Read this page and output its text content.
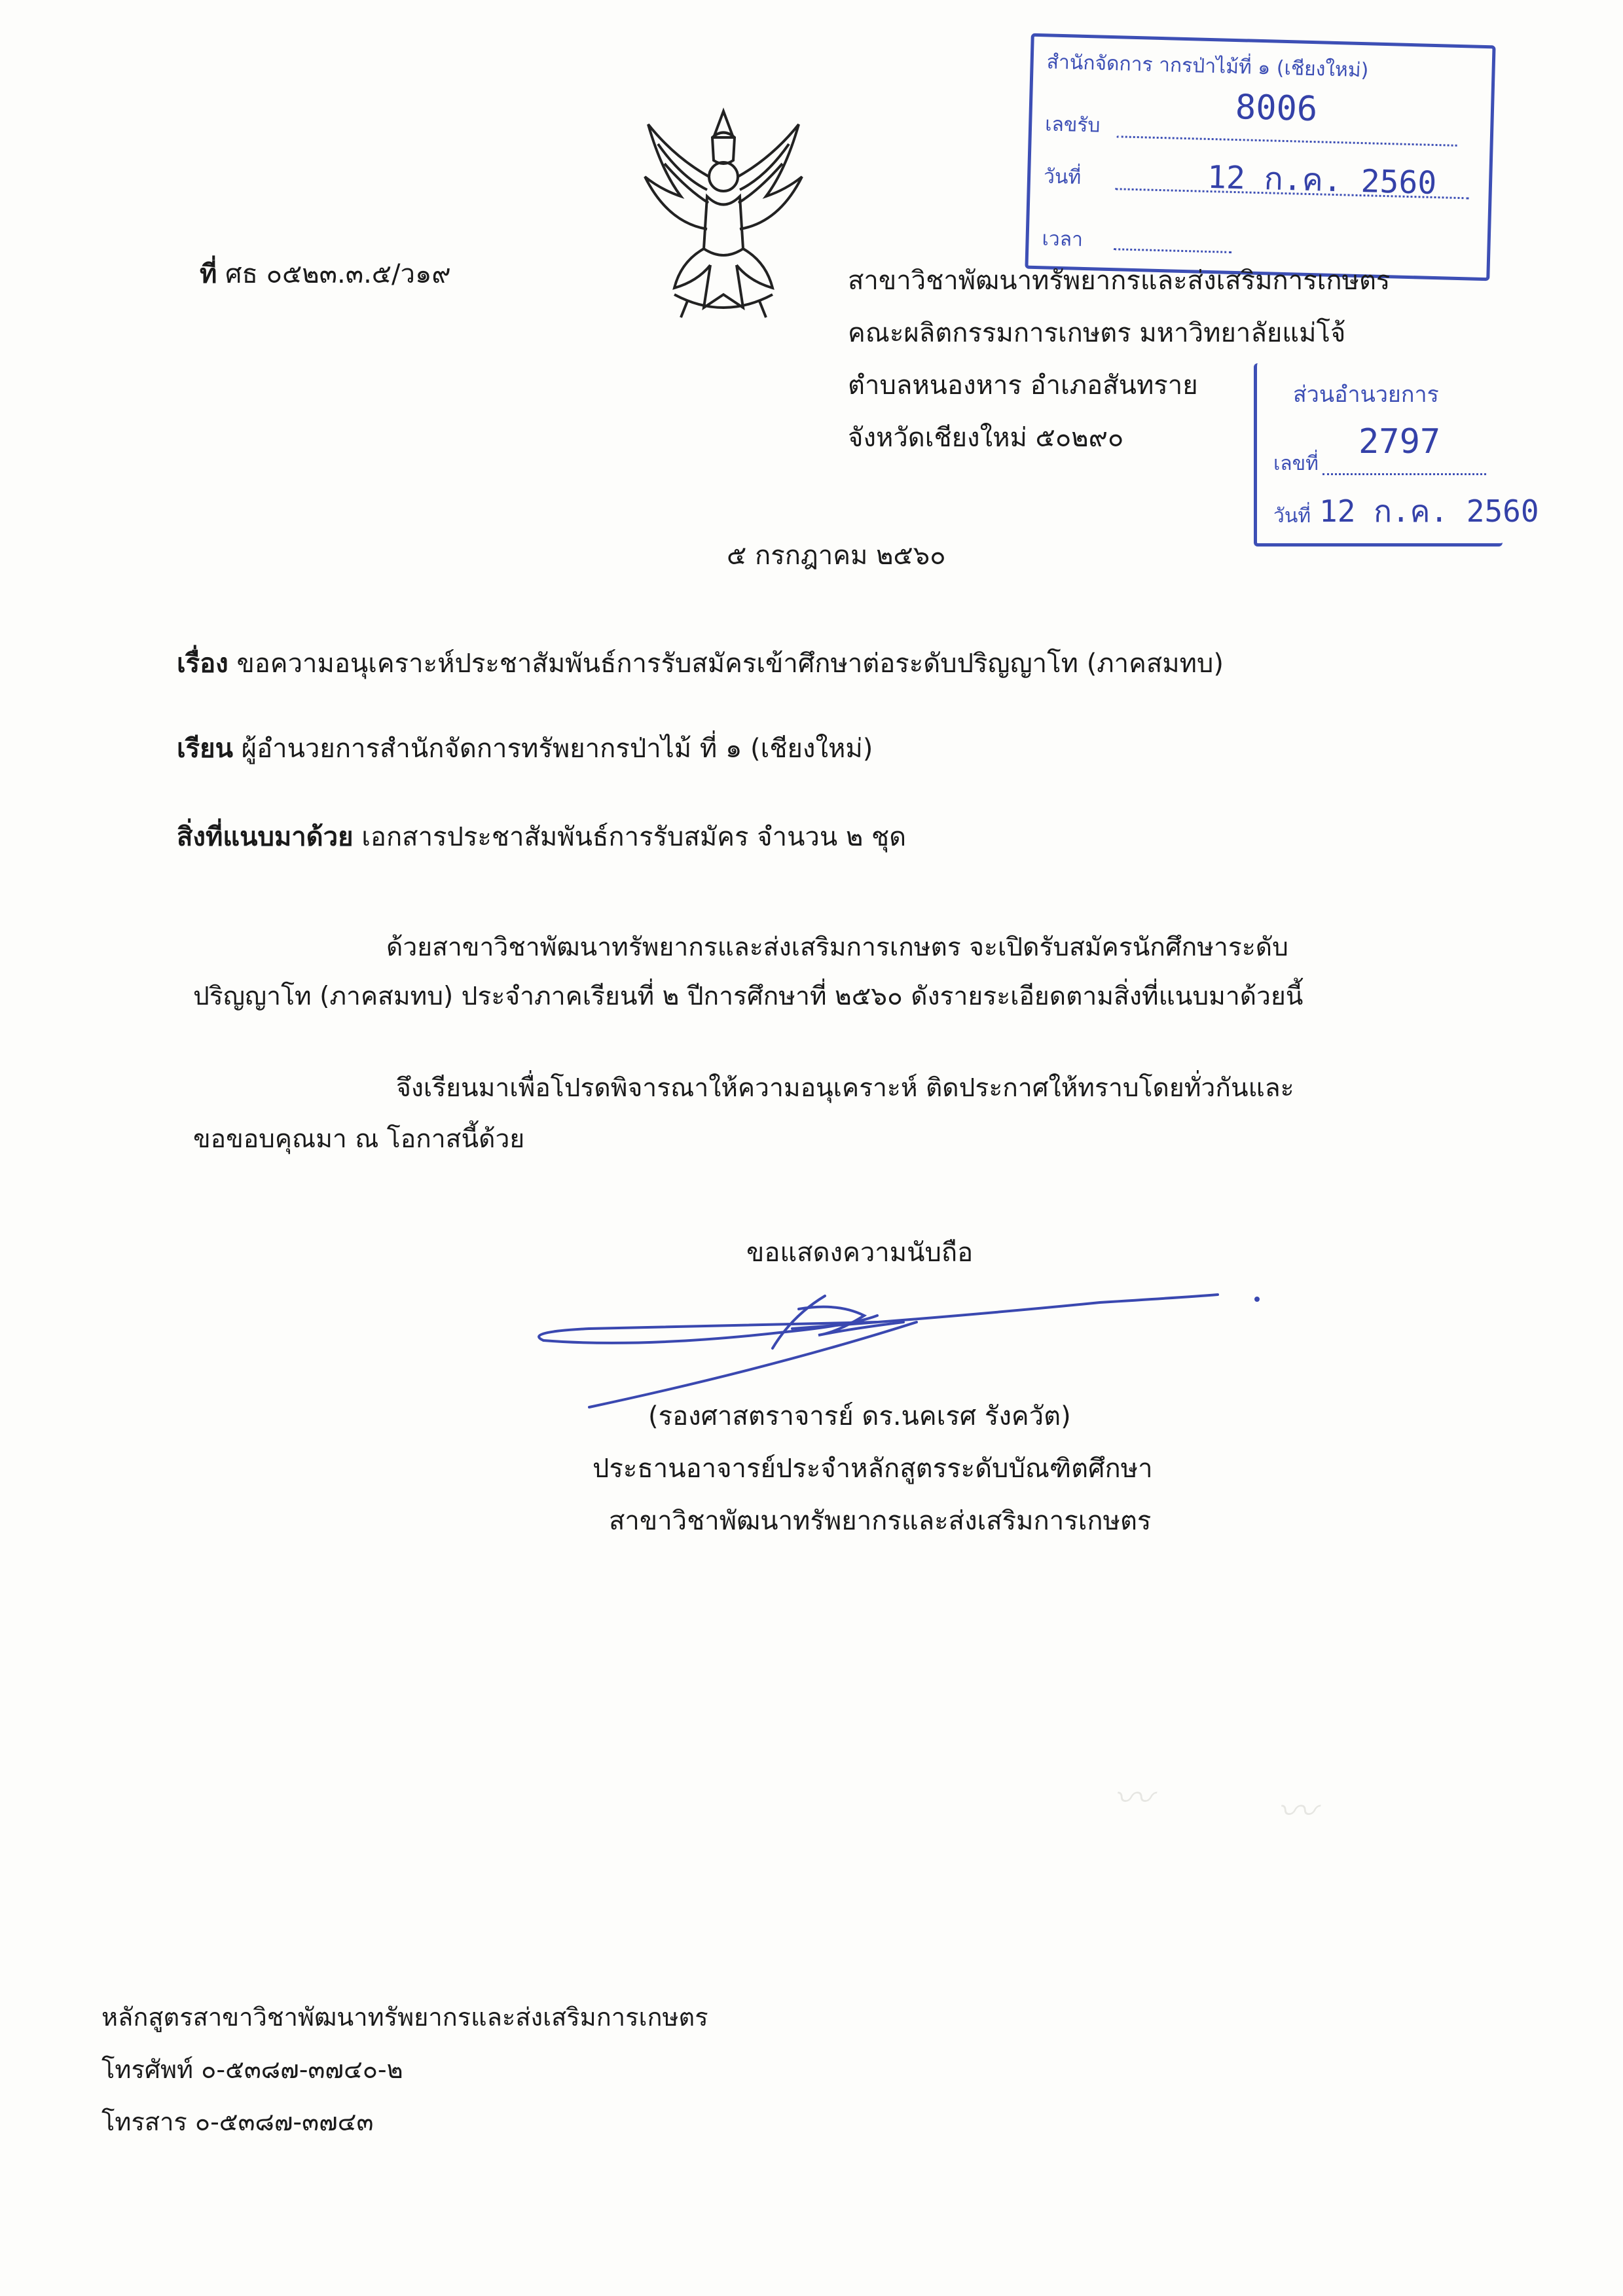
สำนักจัดการ ากรป่าไม้ที่ ๑ (เชียงใหม่)
เลขรับ	8006
วันที่	12 ก.ค. 2560
เวลา
ส่วนอำนวยการ
เลขที่
2797
วันที่ 12 ก.ค. 2560
ที่ ศธ ๐๕๒๓.๓.๕/ว๑๙	สาขาวิชาพัฒนาทรัพยากรและส่งเสริมการเกษตร
คณะผลิตกรรมการเกษตร มหาวิทยาลัยแม่โจ้
ตำบลหนองหาร อำเภอสันทราย
จังหวัดเชียงใหม่ ๕๐๒๙๐
๕ กรกฎาคม ๒๕๖๐
เรื่อง ขอความอนุเคราะห์ประชาสัมพันธ์การรับสมัครเข้าศึกษาต่อระดับปริญญาโท (ภาคสมทบ)
เรียน ผู้อำนวยการสำนักจัดการทรัพยากรป่าไม้ ที่ ๑ (เชียงใหม่)
สิ่งที่แนบมาด้วย เอกสารประชาสัมพันธ์การรับสมัคร จำนวน ๒ ชุด
ด้วยสาขาวิชาพัฒนาทรัพยากรและส่งเสริมการเกษตร จะเปิดรับสมัครนักศึกษาระดับ
ปริญญาโท (ภาคสมทบ) ประจำภาคเรียนที่ ๒ ปีการศึกษาที่ ๒๕๖๐ ดังรายระเอียดตามสิ่งที่แนบมาด้วยนี้
จึงเรียนมาเพื่อโปรดพิจารณาให้ความอนุเคราะห์ ติดประกาศให้ทราบโดยทั่วกันและ
ขอขอบคุณมา ณ โอกาสนี้ด้วย
ขอแสดงความนับถือ
(รองศาสตราจารย์ ดร.นคเรศ รังควัต)
ประธานอาจารย์ประจำหลักสูตรระดับบัณฑิตศึกษา
สาขาวิชาพัฒนาทรัพยากรและส่งเสริมการเกษตร
〰	〰
หลักสูตรสาขาวิชาพัฒนาทรัพยากรและส่งเสริมการเกษตร
โทรศัพท์ ๐-๕๓๘๗-๓๗๔๐-๒
โทรสาร ๐-๕๓๘๗-๓๗๔๓
